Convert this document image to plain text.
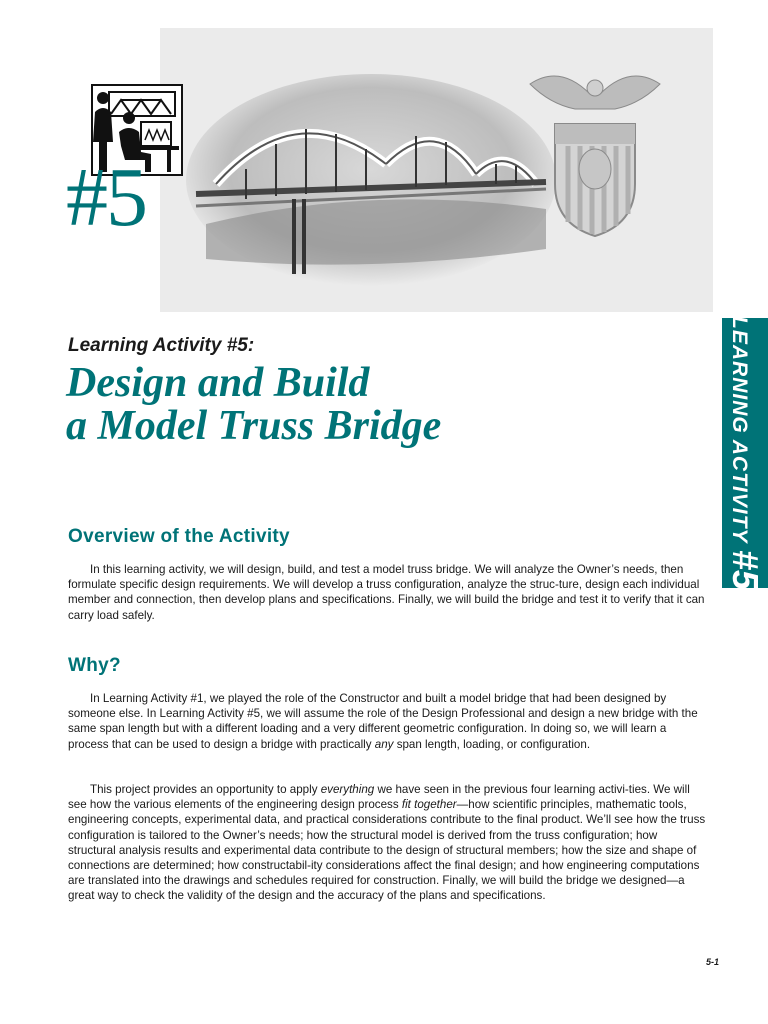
#5

LEARNING ACTIVITY #5

Learning Activity #5:

Design and Build
a Model Truss Bridge
Overview of the Activity

In this learning activity, we will design, build, and test a model truss bridge. We will analyze the Owner’s needs, then formulate specific design requirements. We will develop a truss configuration, analyze the struc-ture, design each individual member and connection, then develop plans and specifications. Finally, we will build the bridge and test it to verify that it can carry load safely.

Why?

In Learning Activity #1, we played the role of the Constructor and built a model bridge that had been designed by someone else. In Learning Activity #5, we will assume the role of the Design Professional and design a new bridge with the same span length but with a different loading and a very different geometric configuration. In doing so, we will learn a process that can be used to design a bridge with practically any span length, loading, or configuration.

This project provides an opportunity to apply everything we have seen in the previous four learning activi-ties. We will see how the various elements of the engineering design process fit together—how scientific principles, mathematic tools, engineering concepts, experimental data, and practical considerations contribute to the final product. We’ll see how the truss configuration is tailored to the Owner’s needs; how the structural model is derived from the truss configuration; how structural analysis results and experimental data contribute to the design of structural members; how the size and shape of connections are determined; how constructabil-ity considerations affect the final design; and how engineering computations are translated into the drawings and schedules required for construction. Finally, we will build the bridge we designed—a great way to check the validity of the design and the accuracy of the plans and specifications.

5-1
